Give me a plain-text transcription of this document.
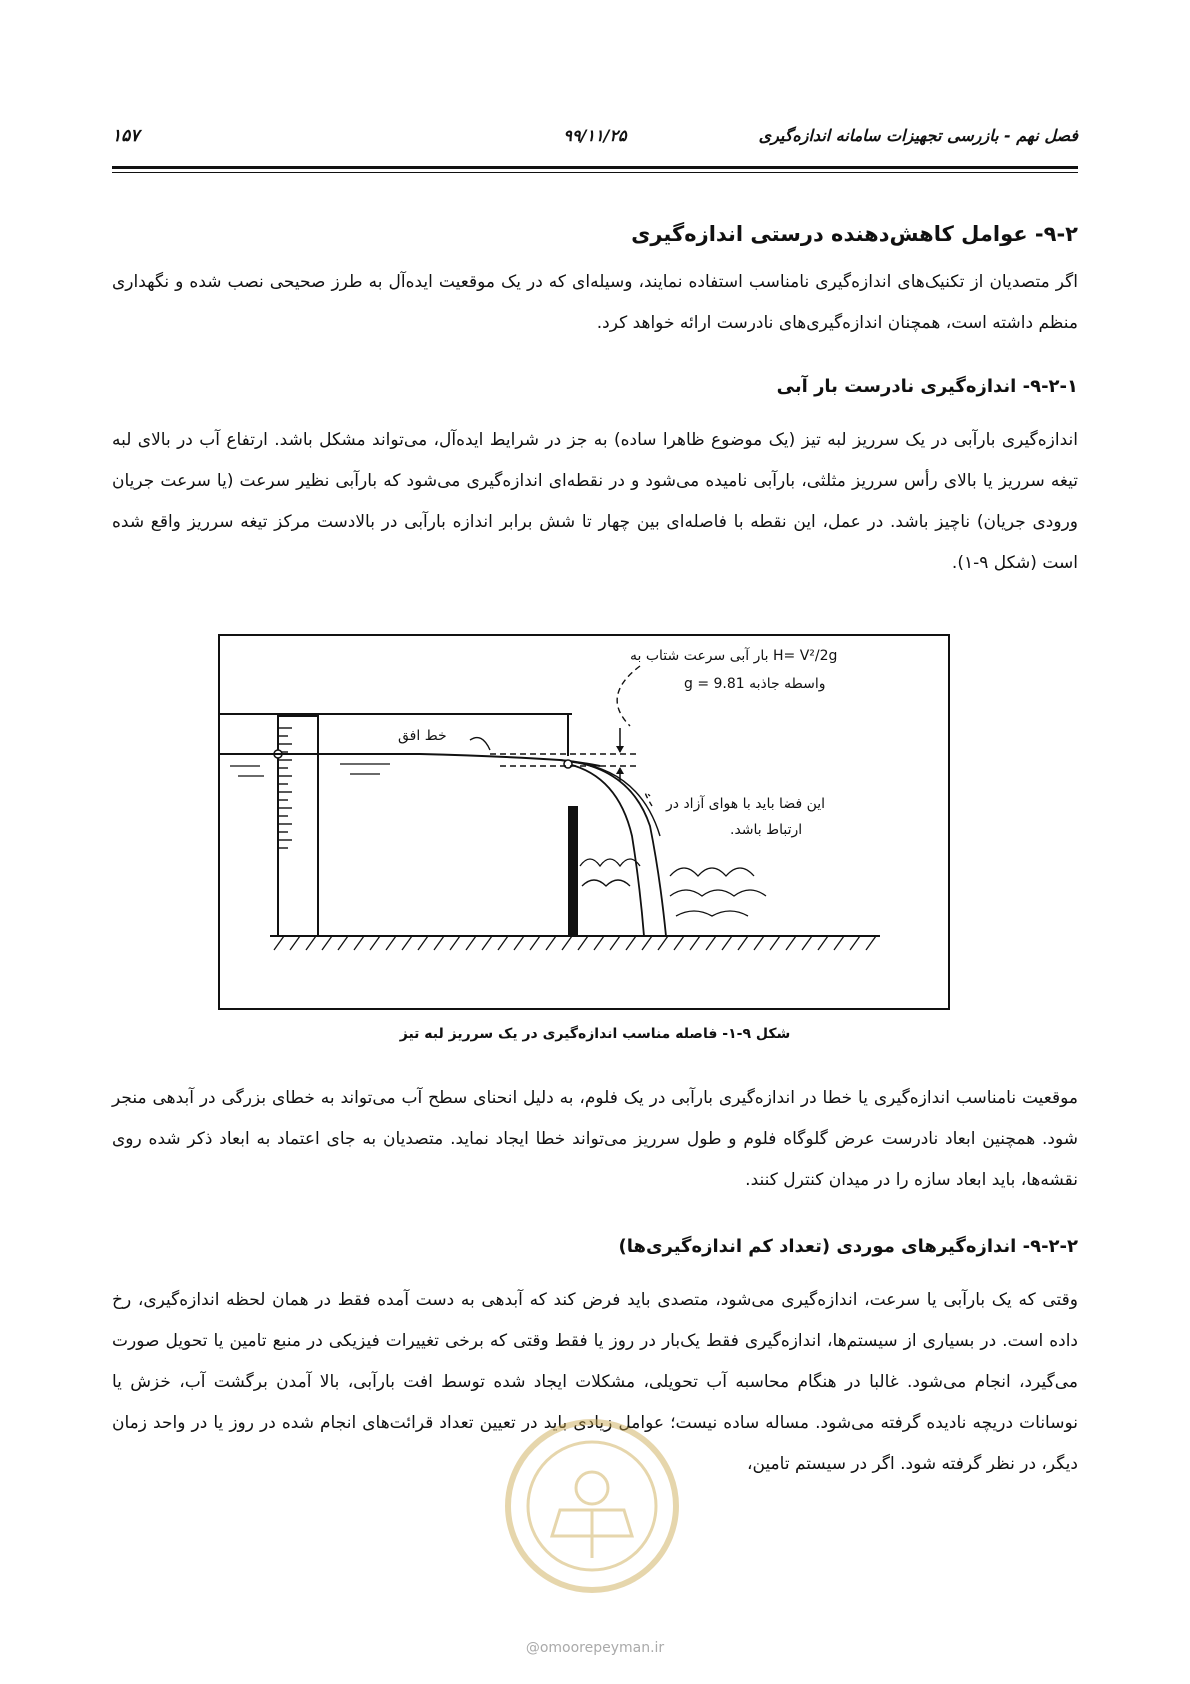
فصل نهم - بازرسی تجهیزات سامانه اندازه‌گیری
۹۹/۱۱/۲۵
۱۵۷
۹-۲- عوامل کاهش‌دهنده درستی اندازه‌گیری
اگر متصدیان از تکنیک‌های اندازه‌گیری نامناسب استفاده نمایند، وسیله‌ای که در یک موقعیت ایده‌آل به طرز صحیحی نصب شده و نگهداری منظم داشته است، همچنان اندازه‌گیری‌های نادرست ارائه خواهد کرد.
۹-۲-۱- اندازه‌گیری نادرست بار آبی
اندازه‌گیری بارآبی در یک سرریز لبه تیز (یک موضوع ظاهرا ساده) به جز در شرایط ایده‌آل، می‌تواند مشکل باشد. ارتفاع آب در بالای لبه تیغه سرریز یا بالای رأس سرریز مثلثی، بارآبی نامیده می‌شود و در نقطه‌ای اندازه‌گیری می‌شود که بارآبی نظیر سرعت (یا سرعت جریان ورودی جریان) ناچیز باشد. در عمل، این نقطه با فاصله‌ای بین چهار تا شش برابر اندازه بارآبی در بالادست مرکز تیغه سرریز واقع شده است (شکل ۹-۱).
H= V²/2g بار آبی سرعت شتاب به
واسطه جاذبه g = 9.81
خط افق
این فضا باید با هوای آزاد در
ارتباط باشد.
شکل ۹-۱- فاصله مناسب اندازه‌گیری در یک سرریز لبه تیز
موقعیت نامناسب اندازه‌گیری یا خطا در اندازه‌گیری بارآبی در یک فلوم، به دلیل انحنای سطح آب می‌تواند به خطای بزرگی در آبدهی منجر شود. همچنین ابعاد نادرست عرض گلوگاه فلوم و طول سرریز می‌تواند خطا ایجاد نماید. متصدیان به جای اعتماد به ابعاد ذکر شده روی نقشه‌ها، باید ابعاد سازه را در میدان کنترل کنند.
۹-۲-۲- اندازه‌گیرهای موردی (تعداد کم اندازه‌گیری‌ها)
وقتی که یک بارآبی یا سرعت، اندازه‌گیری می‌شود، متصدی باید فرض کند که آبدهی به دست آمده فقط در همان لحظه اندازه‌گیری، رخ داده است. در بسیاری از سیستم‌ها، اندازه‌گیری فقط یک‌بار در روز یا فقط وقتی که برخی تغییرات فیزیکی در منبع تامین یا تحویل صورت می‌گیرد، انجام می‌شود. غالبا در هنگام محاسبه آب تحویلی، مشکلات ایجاد شده توسط افت بارآبی، بالا آمدن برگشت آب، خزش یا نوسانات دریچه نادیده گرفته می‌شود. مساله ساده نیست؛ عوامل زیادی باید در تعیین تعداد قرائت‌های انجام شده در روز یا در واحد زمان دیگر، در نظر گرفته شود. اگر در سیستم تامین،
@omoorepeyman.ir
